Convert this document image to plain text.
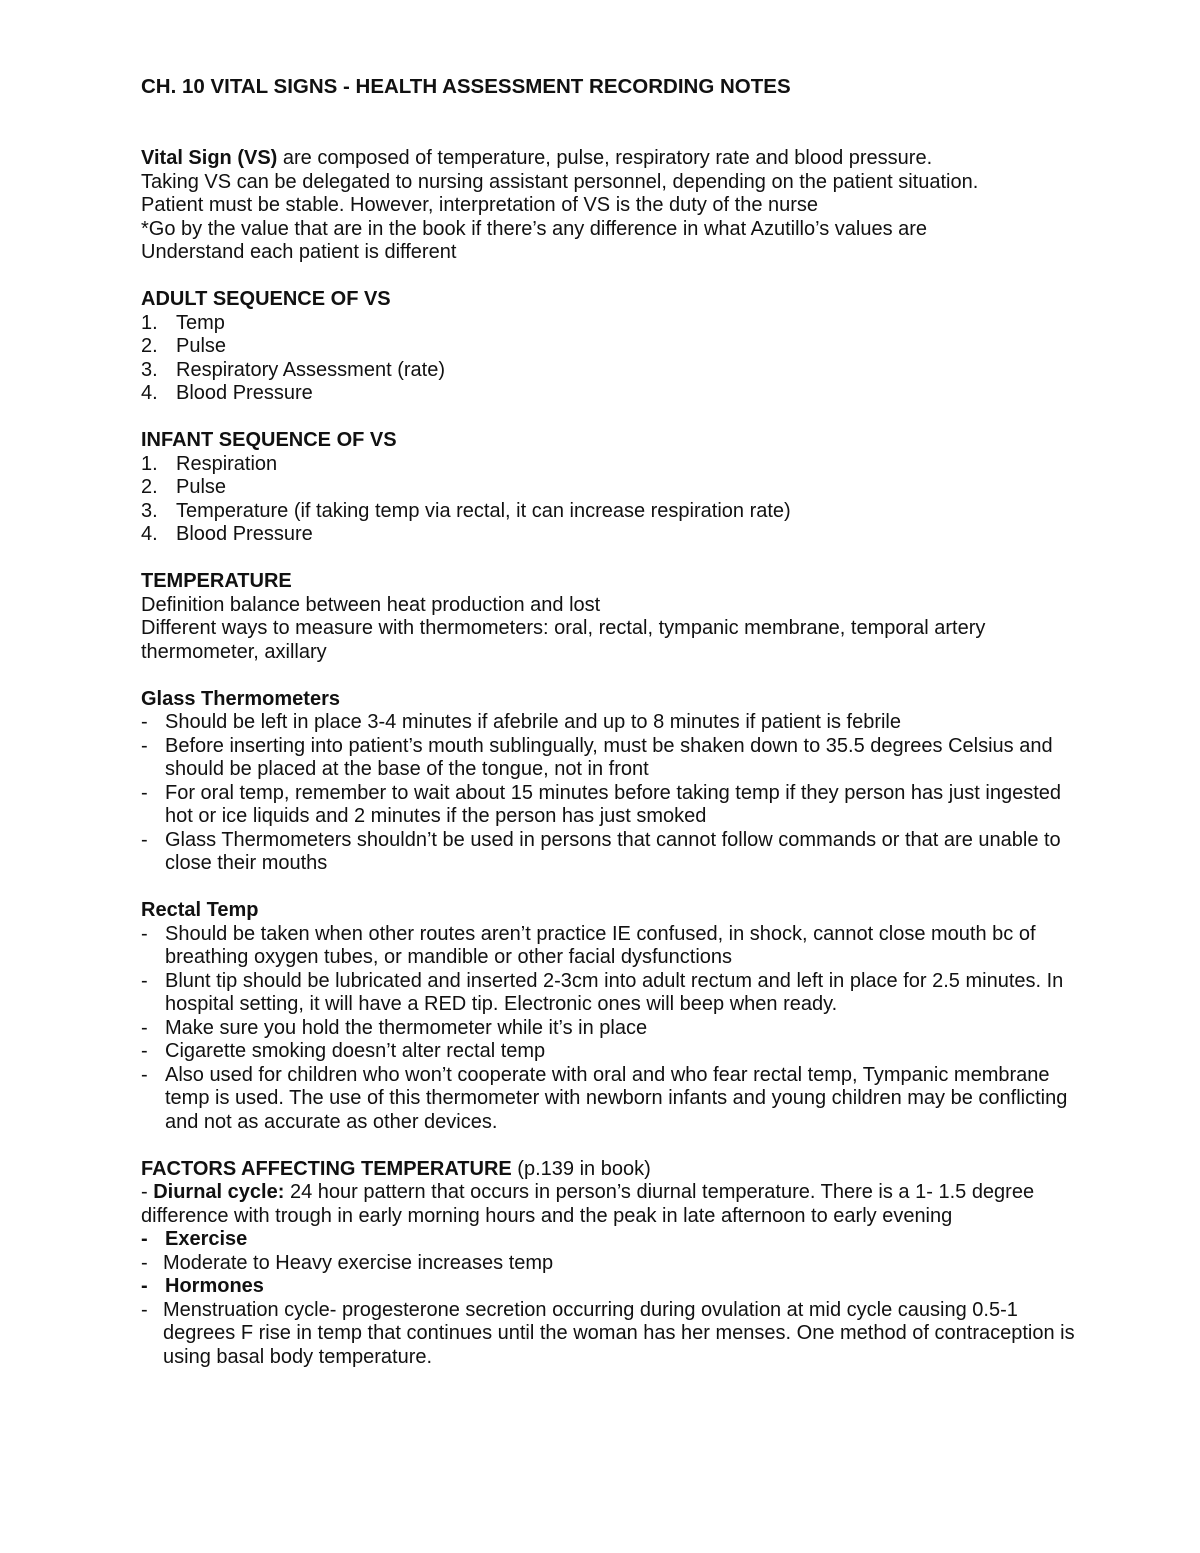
CH. 10 VITAL SIGNS - HEALTH ASSESSMENT RECORDING NOTES

Vital Sign (VS) are composed of temperature, pulse, respiratory rate and blood pressure.

Taking VS can be delegated to nursing assistant personnel, depending on the patient situation.

Patient must be stable. However, interpretation of VS is the duty of the nurse

*Go by the value that are in the book if there’s any difference in what Azutillo’s values are

Understand each patient is different

ADULT SEQUENCE OF VS

1. Temp
2. Pulse
3. Respiratory Assessment (rate)
4. Blood Pressure

INFANT SEQUENCE OF VS

1. Respiration
2. Pulse
3. Temperature (if taking temp via rectal, it can increase respiration rate)
4. Blood Pressure

TEMPERATURE

Definition balance between heat production and lost

Different ways to measure with thermometers: oral, rectal, tympanic membrane, temporal artery thermometer, axillary

Glass Thermometers

- Should be left in place 3-4 minutes if afebrile and up to 8 minutes if patient is febrile
- Before inserting into patient’s mouth sublingually, must be shaken down to 35.5 degrees Celsius and should be placed at the base of the tongue, not in front
- For oral temp, remember to wait about 15 minutes before taking temp if they person has just ingested hot or ice liquids and 2 minutes if the person has just smoked
- Glass Thermometers shouldn’t be used in persons that cannot follow commands or that are unable to close their mouths

Rectal Temp

- Should be taken when other routes aren’t practice IE confused, in shock, cannot close mouth bc of breathing oxygen tubes, or mandible or other facial dysfunctions
- Blunt tip should be lubricated and inserted 2-3cm into adult rectum and left in place for 2.5 minutes. In hospital setting, it will have a RED tip. Electronic ones will beep when ready.
- Make sure you hold the thermometer while it’s in place
- Cigarette smoking doesn’t alter rectal temp
- Also used for children who won’t cooperate with oral and who fear rectal temp, Tympanic membrane temp is used. The use of this thermometer with newborn infants and young children may be conflicting and not as accurate as other devices.

FACTORS AFFECTING TEMPERATURE (p.139 in book)

- Diurnal cycle: 24 hour pattern that occurs in person’s diurnal temperature. There is a 1- 1.5 degree difference with trough in early morning hours and the peak in late afternoon to early evening

- Exercise
- Moderate to Heavy exercise increases temp
- Hormones
- Menstruation cycle- progesterone secretion occurring during ovulation at mid cycle causing 0.5-1 degrees F rise in temp that continues until the woman has her menses. One method of contraception is using basal body temperature.
